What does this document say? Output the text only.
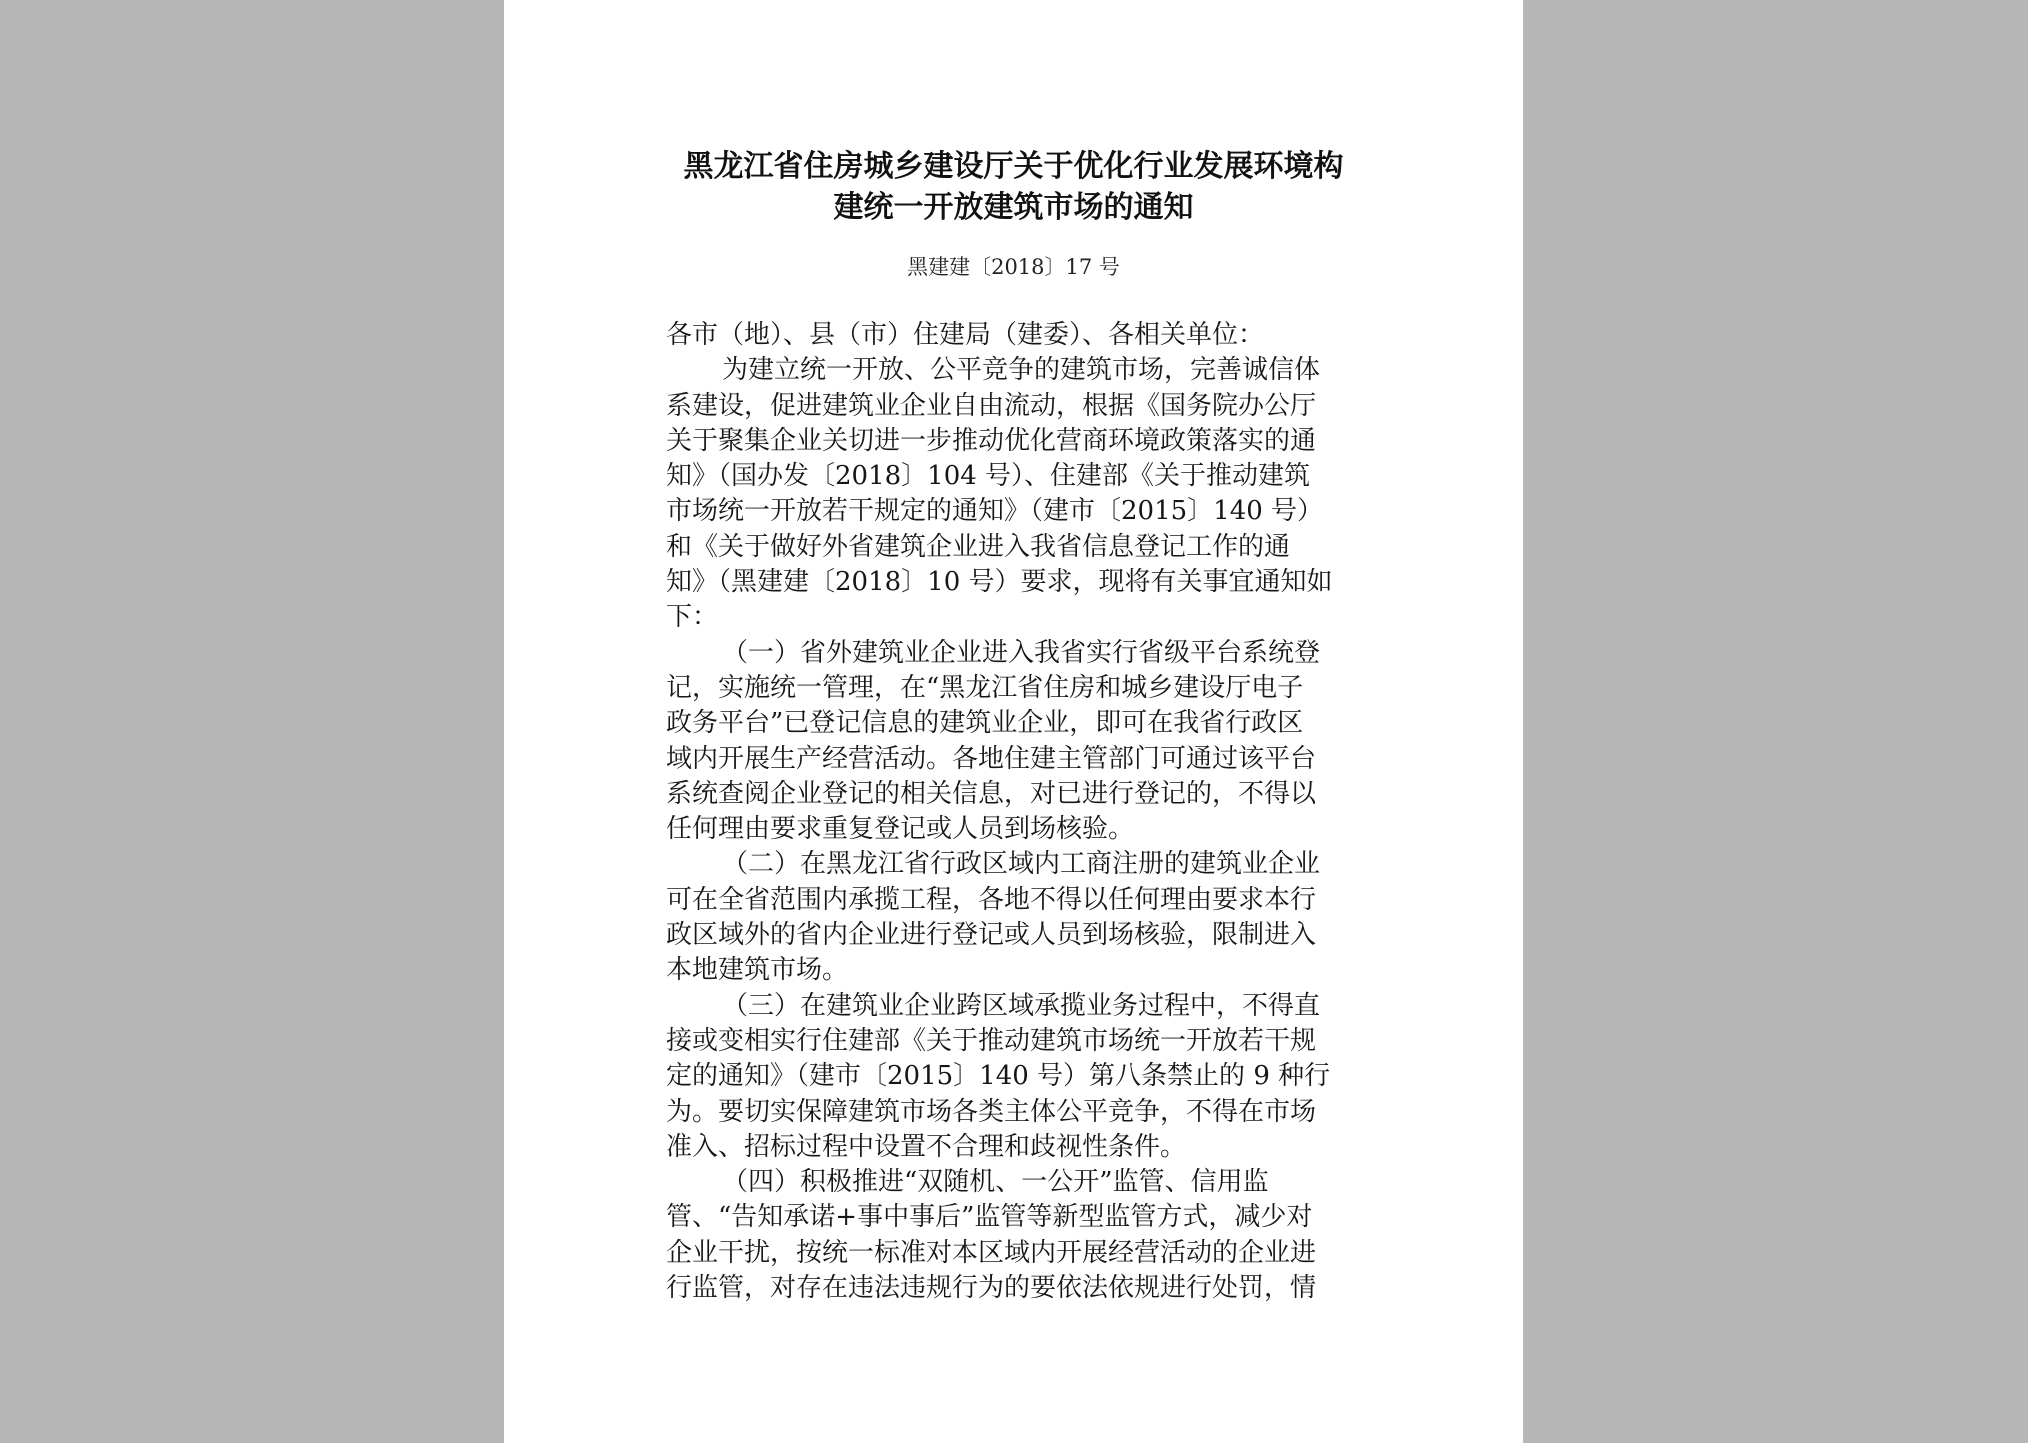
黑龙江省住房城乡建设厅关于优化行业发展环境构
建统一开放建筑市场的通知
黑建建〔2018〕17 号
各市（地）、县（市）住建局（建委）、各相关单位：
为建立统一开放、公平竞争的建筑市场，完善诚信体
系建设，促进建筑业企业自由流动，根据《国务院办公厅
关于聚集企业关切进一步推动优化营商环境政策落实的通
知》（国办发〔2018〕104 号）、住建部《关于推动建筑
市场统一开放若干规定的通知》（建市〔2015〕140 号）
和《关于做好外省建筑企业进入我省信息登记工作的通
知》（黑建建〔2018〕10 号）要求，现将有关事宜通知如
下：
（一）省外建筑业企业进入我省实行省级平台系统登
记，实施统一管理，在“黑龙江省住房和城乡建设厅电子
政务平台”已登记信息的建筑业企业，即可在我省行政区
域内开展生产经营活动。各地住建主管部门可通过该平台
系统查阅企业登记的相关信息，对已进行登记的，不得以
任何理由要求重复登记或人员到场核验。
（二）在黑龙江省行政区域内工商注册的建筑业企业
可在全省范围内承揽工程，各地不得以任何理由要求本行
政区域外的省内企业进行登记或人员到场核验，限制进入
本地建筑市场。
（三）在建筑业企业跨区域承揽业务过程中，不得直
接或变相实行住建部《关于推动建筑市场统一开放若干规
定的通知》（建市〔2015〕140 号）第八条禁止的 9 种行
为。要切实保障建筑市场各类主体公平竞争，不得在市场
准入、招标过程中设置不合理和歧视性条件。
（四）积极推进“双随机、一公开”监管、信用监
管、“告知承诺+事中事后”监管等新型监管方式，减少对
企业干扰，按统一标准对本区域内开展经营活动的企业进
行监管，对存在违法违规行为的要依法依规进行处罚，情
